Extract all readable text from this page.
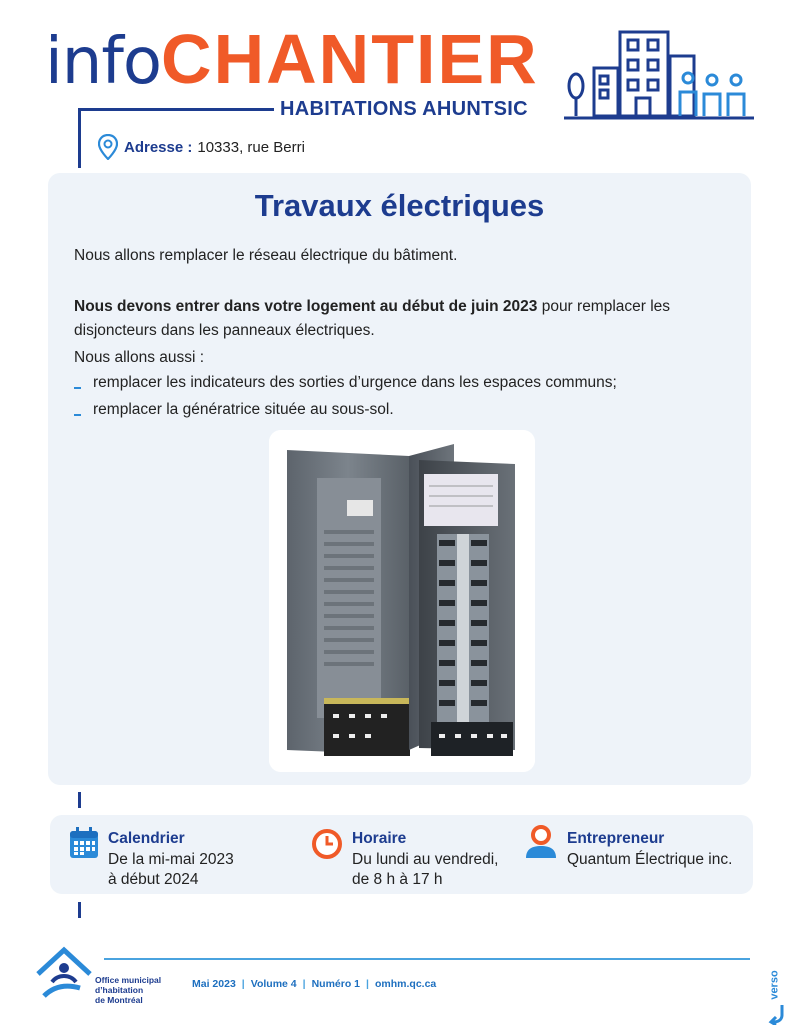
infoCHANTIER
HABITATIONS AHUNTSIC
Adresse : 10333, rue Berri
Travaux électriques
Nous allons remplacer le réseau électrique du bâtiment.
Nous devons entrer dans votre logement au début de juin 2023 pour remplacer les
disjoncteurs dans les panneaux électriques.
Nous allons aussi :
remplacer les indicateurs des sorties d’urgence dans les espaces communs;
remplacer la génératrice située au sous-sol.
Calendrier
De la mi-mai 2023
à début 2024
Horaire
Du lundi au vendredi,
de 8 h à 17 h
Entrepreneur
Quantum Électrique inc.
Office municipal
d’habitation
de Montréal
Mai 2023 | Volume 4 | Numéro 1 | omhm.qc.ca	verso
